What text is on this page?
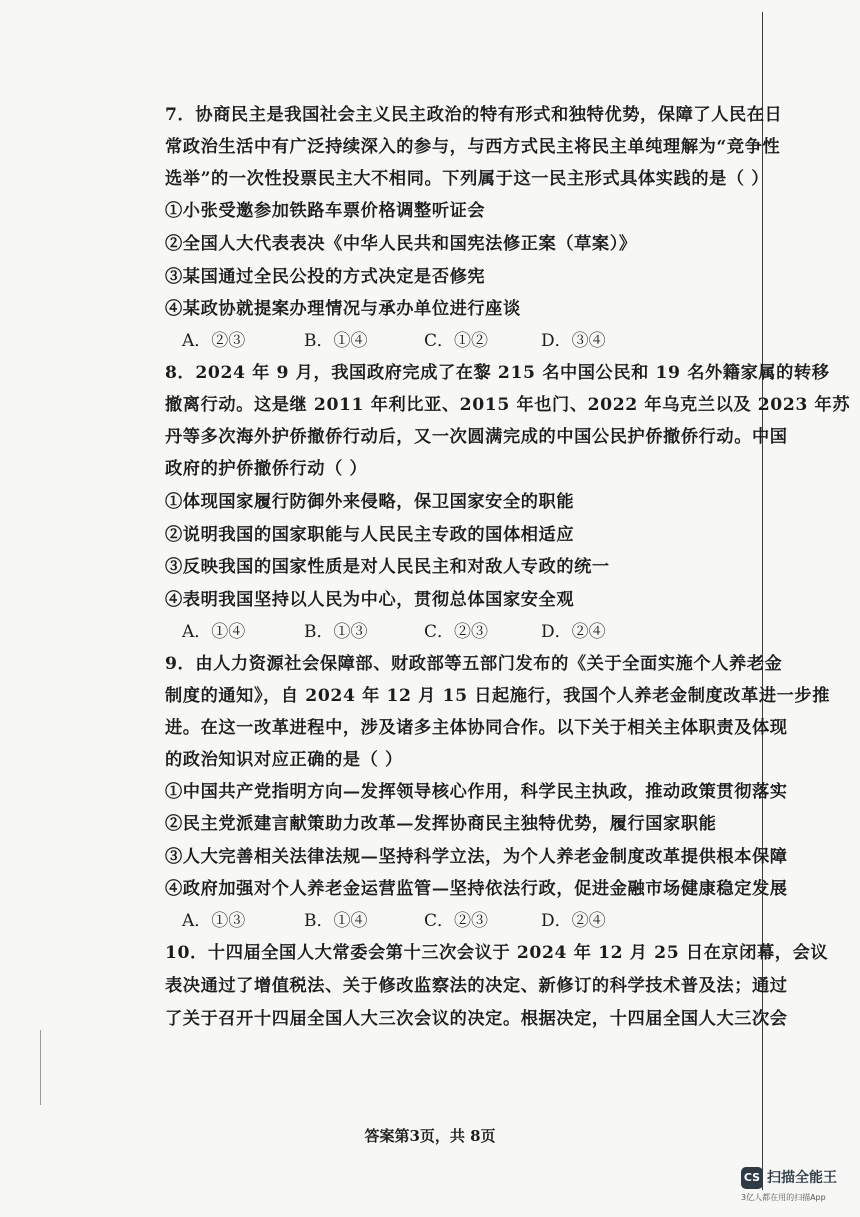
7．协商民主是我国社会主义民主政治的特有形式和独特优势，保障了人民在日
常政治生活中有广泛持续深入的参与，与西方式民主将民主单纯理解为“竞争性
选举”的一次性投票民主大不相同。下列属于这一民主形式具体实践的是（ ）
①小张受邀参加铁路车票价格调整听证会
②全国人大代表表决《中华人民共和国宪法修正案（草案）》
③某国通过全民公投的方式决定是否修宪
④某政协就提案办理情况与承办单位进行座谈
A．②③	B．①④	C．①②	D．③④
8．2024 年 9 月，我国政府完成了在黎 215 名中国公民和 19 名外籍家属的转移
撤离行动。这是继 2011 年利比亚、2015 年也门、2022 年乌克兰以及 2023 年苏
丹等多次海外护侨撤侨行动后，又一次圆满完成的中国公民护侨撤侨行动。中国
政府的护侨撤侨行动（ ）
①体现国家履行防御外来侵略，保卫国家安全的职能
②说明我国的国家职能与人民民主专政的国体相适应
③反映我国的国家性质是对人民民主和对敌人专政的统一
④表明我国坚持以人民为中心，贯彻总体国家安全观
A．①④	B．①③	C．②③	D．②④
9．由人力资源社会保障部、财政部等五部门发布的《关于全面实施个人养老金
制度的通知》，自 2024 年 12 月 15 日起施行，我国个人养老金制度改革进一步推
进。在这一改革进程中，涉及诸多主体协同合作。以下关于相关主体职责及体现
的政治知识对应正确的是（ ）
①中国共产党指明方向—发挥领导核心作用，科学民主执政，推动政策贯彻落实
②民主党派建言献策助力改革—发挥协商民主独特优势，履行国家职能
③人大完善相关法律法规—坚持科学立法，为个人养老金制度改革提供根本保障
④政府加强对个人养老金运营监管—坚持依法行政，促进金融市场健康稳定发展
A．①③	B．①④	C．②③	D．②④
10．十四届全国人大常委会第十三次会议于 2024 年 12 月 25 日在京闭幕，会议
表决通过了增值税法、关于修改监察法的决定、新修订的科学技术普及法；通过
了关于召开十四届全国人大三次会议的决定。根据决定，十四届全国人大三次会
答案第3页，共 8页
CS 扫描全能王
3亿人都在用的扫描App
